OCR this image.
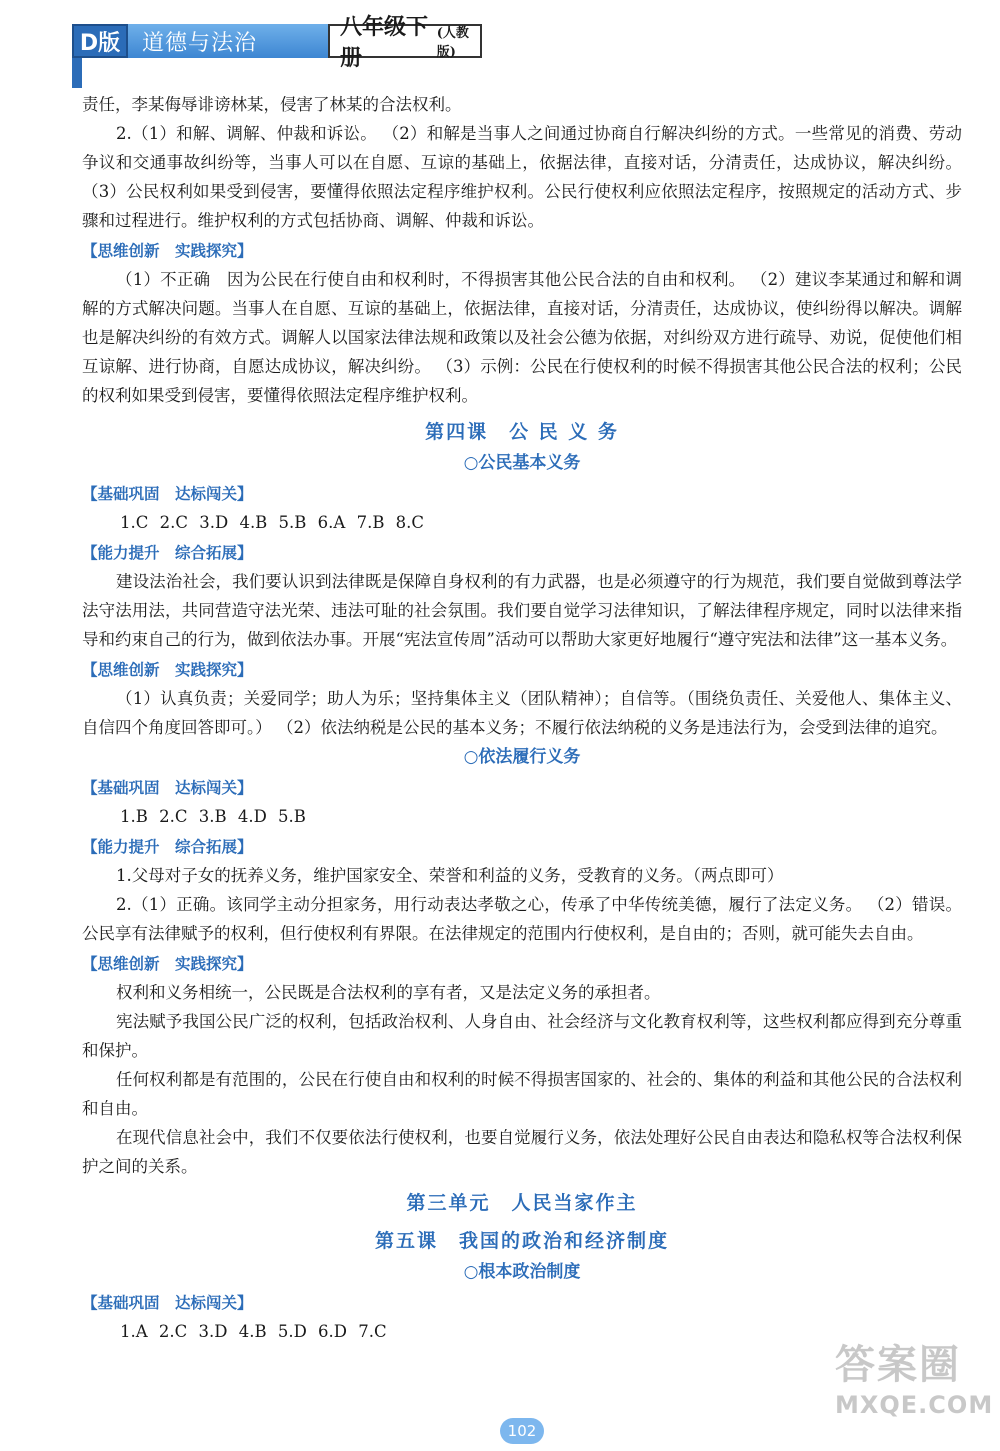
D版 道德与法治
八年级下册
(人教版)

责任，李某侮辱诽谤林某，侵害了林某的合法权利。

2.（1）和解、调解、仲裁和诉讼。 （2）和解是当事人之间通过协商自行解决纠纷的方式。一些常见的消费、劳动争议和交通事故纠纷等，当事人可以在自愿、互谅的基础上，依据法律，直接对话，分清责任，达成协议，解决纠纷。 （3）公民权利如果受到侵害，要懂得依照法定程序维护权利。公民行使权利应依照法定程序，按照规定的活动方式、步骤和过程进行。维护权利的方式包括协商、调解、仲裁和诉讼。

【思维创新　实践探究】

（1）不正确　因为公民在行使自由和权利时，不得损害其他公民合法的自由和权利。 （2）建议李某通过和解和调解的方式解决问题。当事人在自愿、互谅的基础上，依据法律，直接对话，分清责任，达成协议，使纠纷得以解决。调解也是解决纠纷的有效方式。调解人以国家法律法规和政策以及社会公德为依据，对纠纷双方进行疏导、劝说，促使他们相互谅解、进行协商，自愿达成协议，解决纠纷。 （3）示例：公民在行使权利的时候不得损害其他公民合法的权利；公民的权利如果受到侵害，要懂得依照法定程序维护权利。

第四课　公 民 义 务
○公民基本义务
【基础巩固　达标闯关】
1.C 2.C 3.D 4.B 5.B 6.A 7.B 8.C
【能力提升　综合拓展】

建设法治社会，我们要认识到法律既是保障自身权利的有力武器，也是必须遵守的行为规范，我们要自觉做到尊法学法守法用法，共同营造守法光荣、违法可耻的社会氛围。我们要自觉学习法律知识，了解法律程序规定，同时以法律来指导和约束自己的行为，做到依法办事。开展“宪法宣传周”活动可以帮助大家更好地履行“遵守宪法和法律”这一基本义务。

【思维创新　实践探究】

（1）认真负责；关爱同学；助人为乐；坚持集体主义（团队精神）；自信等。（围绕负责任、关爱他人、集体主义、自信四个角度回答即可。） （2）依法纳税是公民的基本义务；不履行依法纳税的义务是违法行为，会受到法律的追究。

○依法履行义务
【基础巩固　达标闯关】
1.B 2.C 3.B 4.D 5.B
【能力提升　综合拓展】

1.父母对子女的抚养义务，维护国家安全、荣誉和利益的义务，受教育的义务。（两点即可）

2.（1）正确。该同学主动分担家务，用行动表达孝敬之心，传承了中华传统美德，履行了法定义务。 （2）错误。公民享有法律赋予的权利，但行使权利有界限。在法律规定的范围内行使权利，是自由的；否则，就可能失去自由。

【思维创新　实践探究】

权利和义务相统一，公民既是合法权利的享有者，又是法定义务的承担者。

宪法赋予我国公民广泛的权利，包括政治权利、人身自由、社会经济与文化教育权利等，这些权利都应得到充分尊重和保护。

任何权利都是有范围的，公民在行使自由和权利的时候不得损害国家的、社会的、集体的利益和其他公民的合法权利和自由。

在现代信息社会中，我们不仅要依法行使权利，也要自觉履行义务，依法处理好公民自由表达和隐私权等合法权利保护之间的关系。

第三单元　人民当家作主
第五课　我国的政治和经济制度
○根本政治制度
【基础巩固　达标闯关】
1.A 2.C 3.D 4.B 5.D 6.D 7.C
102
答案圈
MXQE.COM
